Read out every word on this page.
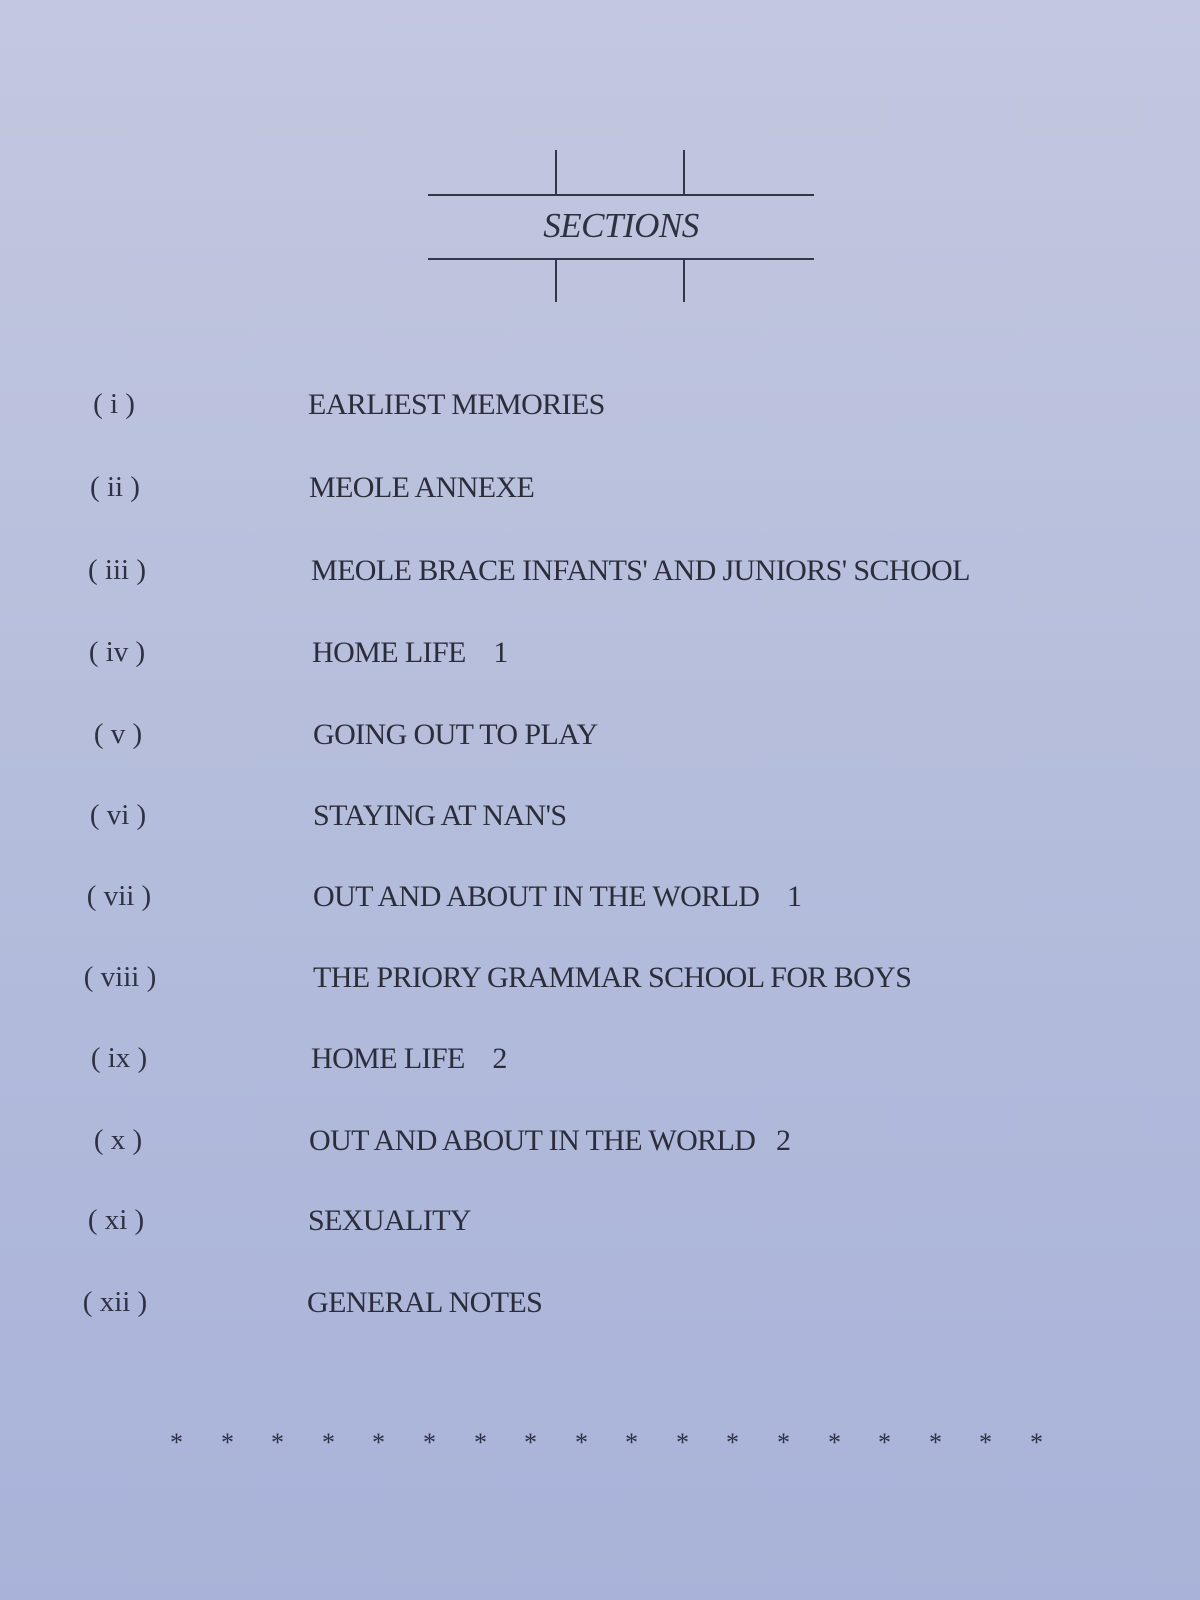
SECTIONS
( i )	EARLIEST MEMORIES
( ii )	MEOLE ANNEXE
( iii )	MEOLE BRACE INFANTS' AND JUNIORS' SCHOOL
( iv )	HOME LIFE    1
( v )	GOING OUT TO PLAY
( vi )	STAYING AT NAN'S
( vii )	OUT AND ABOUT IN THE WORLD    1
( viii )	THE PRIORY GRAMMAR SCHOOL FOR BOYS
( ix )	HOME LIFE    2
( x )	OUT AND ABOUT IN THE WORLD   2
( xi )	SEXUALITY
( xii )	GENERAL NOTES
* * * * * * * * * * * * * * * * * *
